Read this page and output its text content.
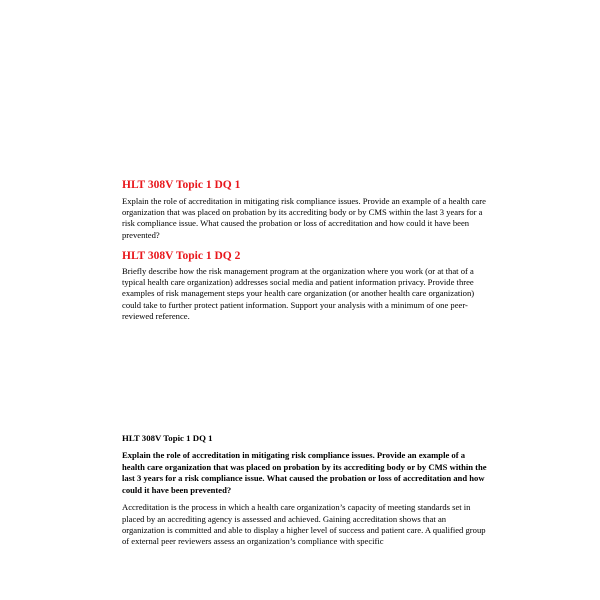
HLT 308V Topic 1 DQ 1

Explain the role of accreditation in mitigating risk compliance issues. Provide an example of a health care organization that was placed on probation by its accrediting body or by CMS within the last 3 years for a risk compliance issue. What caused the probation or loss of accreditation and how could it have been prevented?

HLT 308V Topic 1 DQ 2

Briefly describe how the risk management program at the organization where you work (or at that of a typical health care organization) addresses social media and patient information privacy. Provide three examples of risk management steps your health care organization (or another health care organization) could take to further protect patient information. Support your analysis with a minimum of one peer-reviewed reference.

HLT 308V Topic 1 DQ 1

Explain the role of accreditation in mitigating risk compliance issues. Provide an example of a health care organization that was placed on probation by its accrediting body or by CMS within the last 3 years for a risk compliance issue. What caused the probation or loss of accreditation and how could it have been prevented?

Accreditation is the process in which a health care organization’s capacity of meeting standards set in placed by an accrediting agency is assessed and achieved. Gaining accreditation shows that an organization is committed and able to display a higher level of success and patient care. A qualified group of external peer reviewers assess an organization’s compliance with specific
